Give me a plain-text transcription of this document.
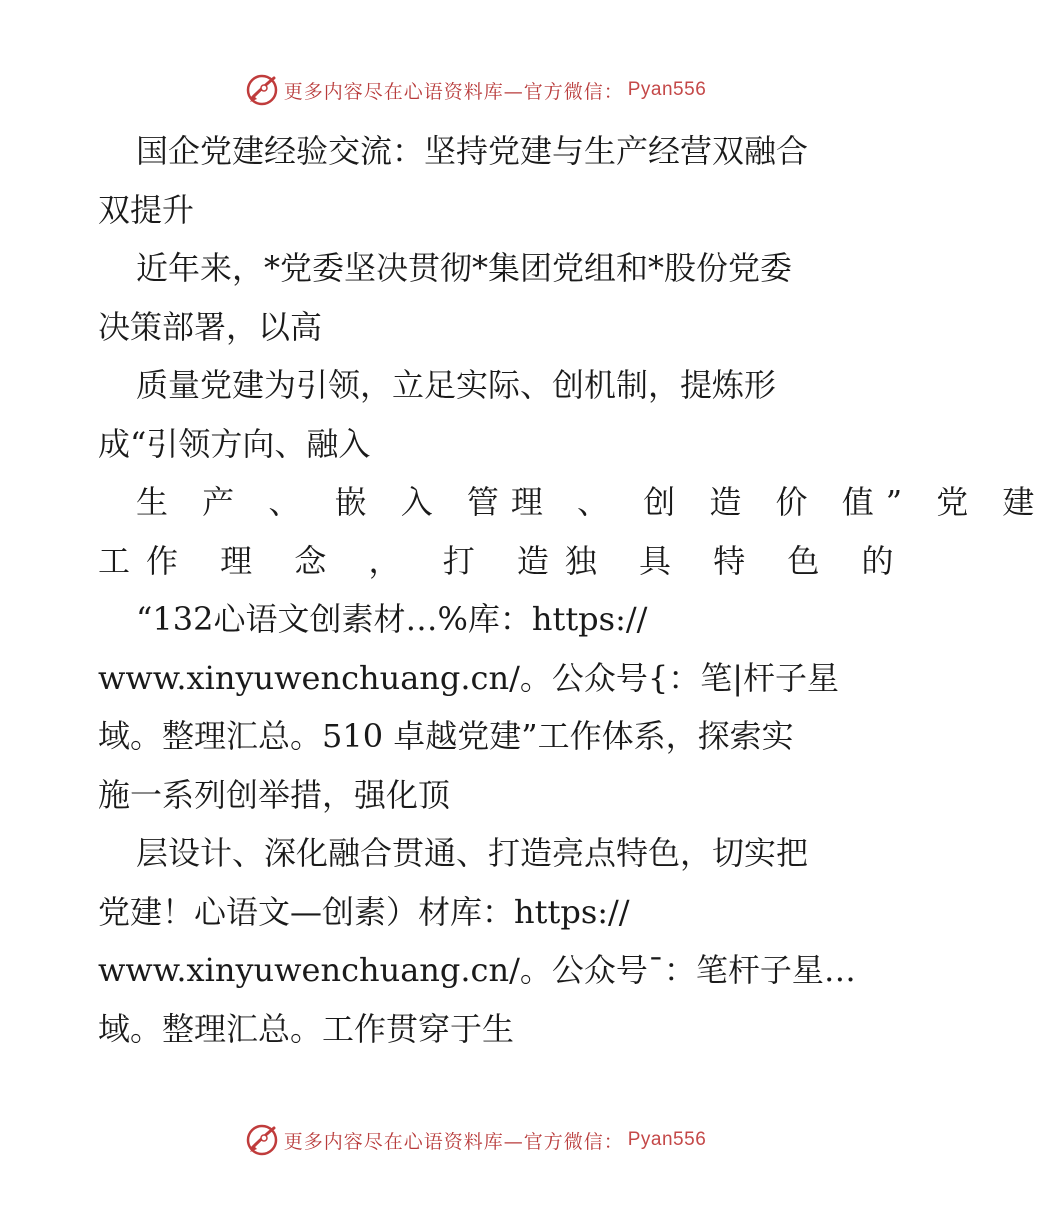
更多内容尽在心语资料库—官方微信： Pyan556
国企党建经验交流：坚持党建与生产经营双融合
双提升
近年来，*党委坚决贯彻*集团党组和*股份党委
决策部署，以高
质量党建为引领，立足实际、创机制，提炼形
成“引领方向、融入
生 产 、 嵌 入 管理 、 创 造 价 值” 党 建
工作 理 念 ， 打 造独 具 特 色 的
“132心语文创素材…%库：https://
www.xinyuwenchuang.cn/。公众号{：笔|杆子星
域。整理汇总。510 卓越党建”工作体系，探索实
施一系列创举措，强化顶
层设计、深化融合贯通、打造亮点特色，切实把
党建！心语文—创素）材库：https://
www.xinyuwenchuang.cn/。公众号¯：笔杆子星…
域。整理汇总。工作贯穿于生
更多内容尽在心语资料库—官方微信： Pyan556
